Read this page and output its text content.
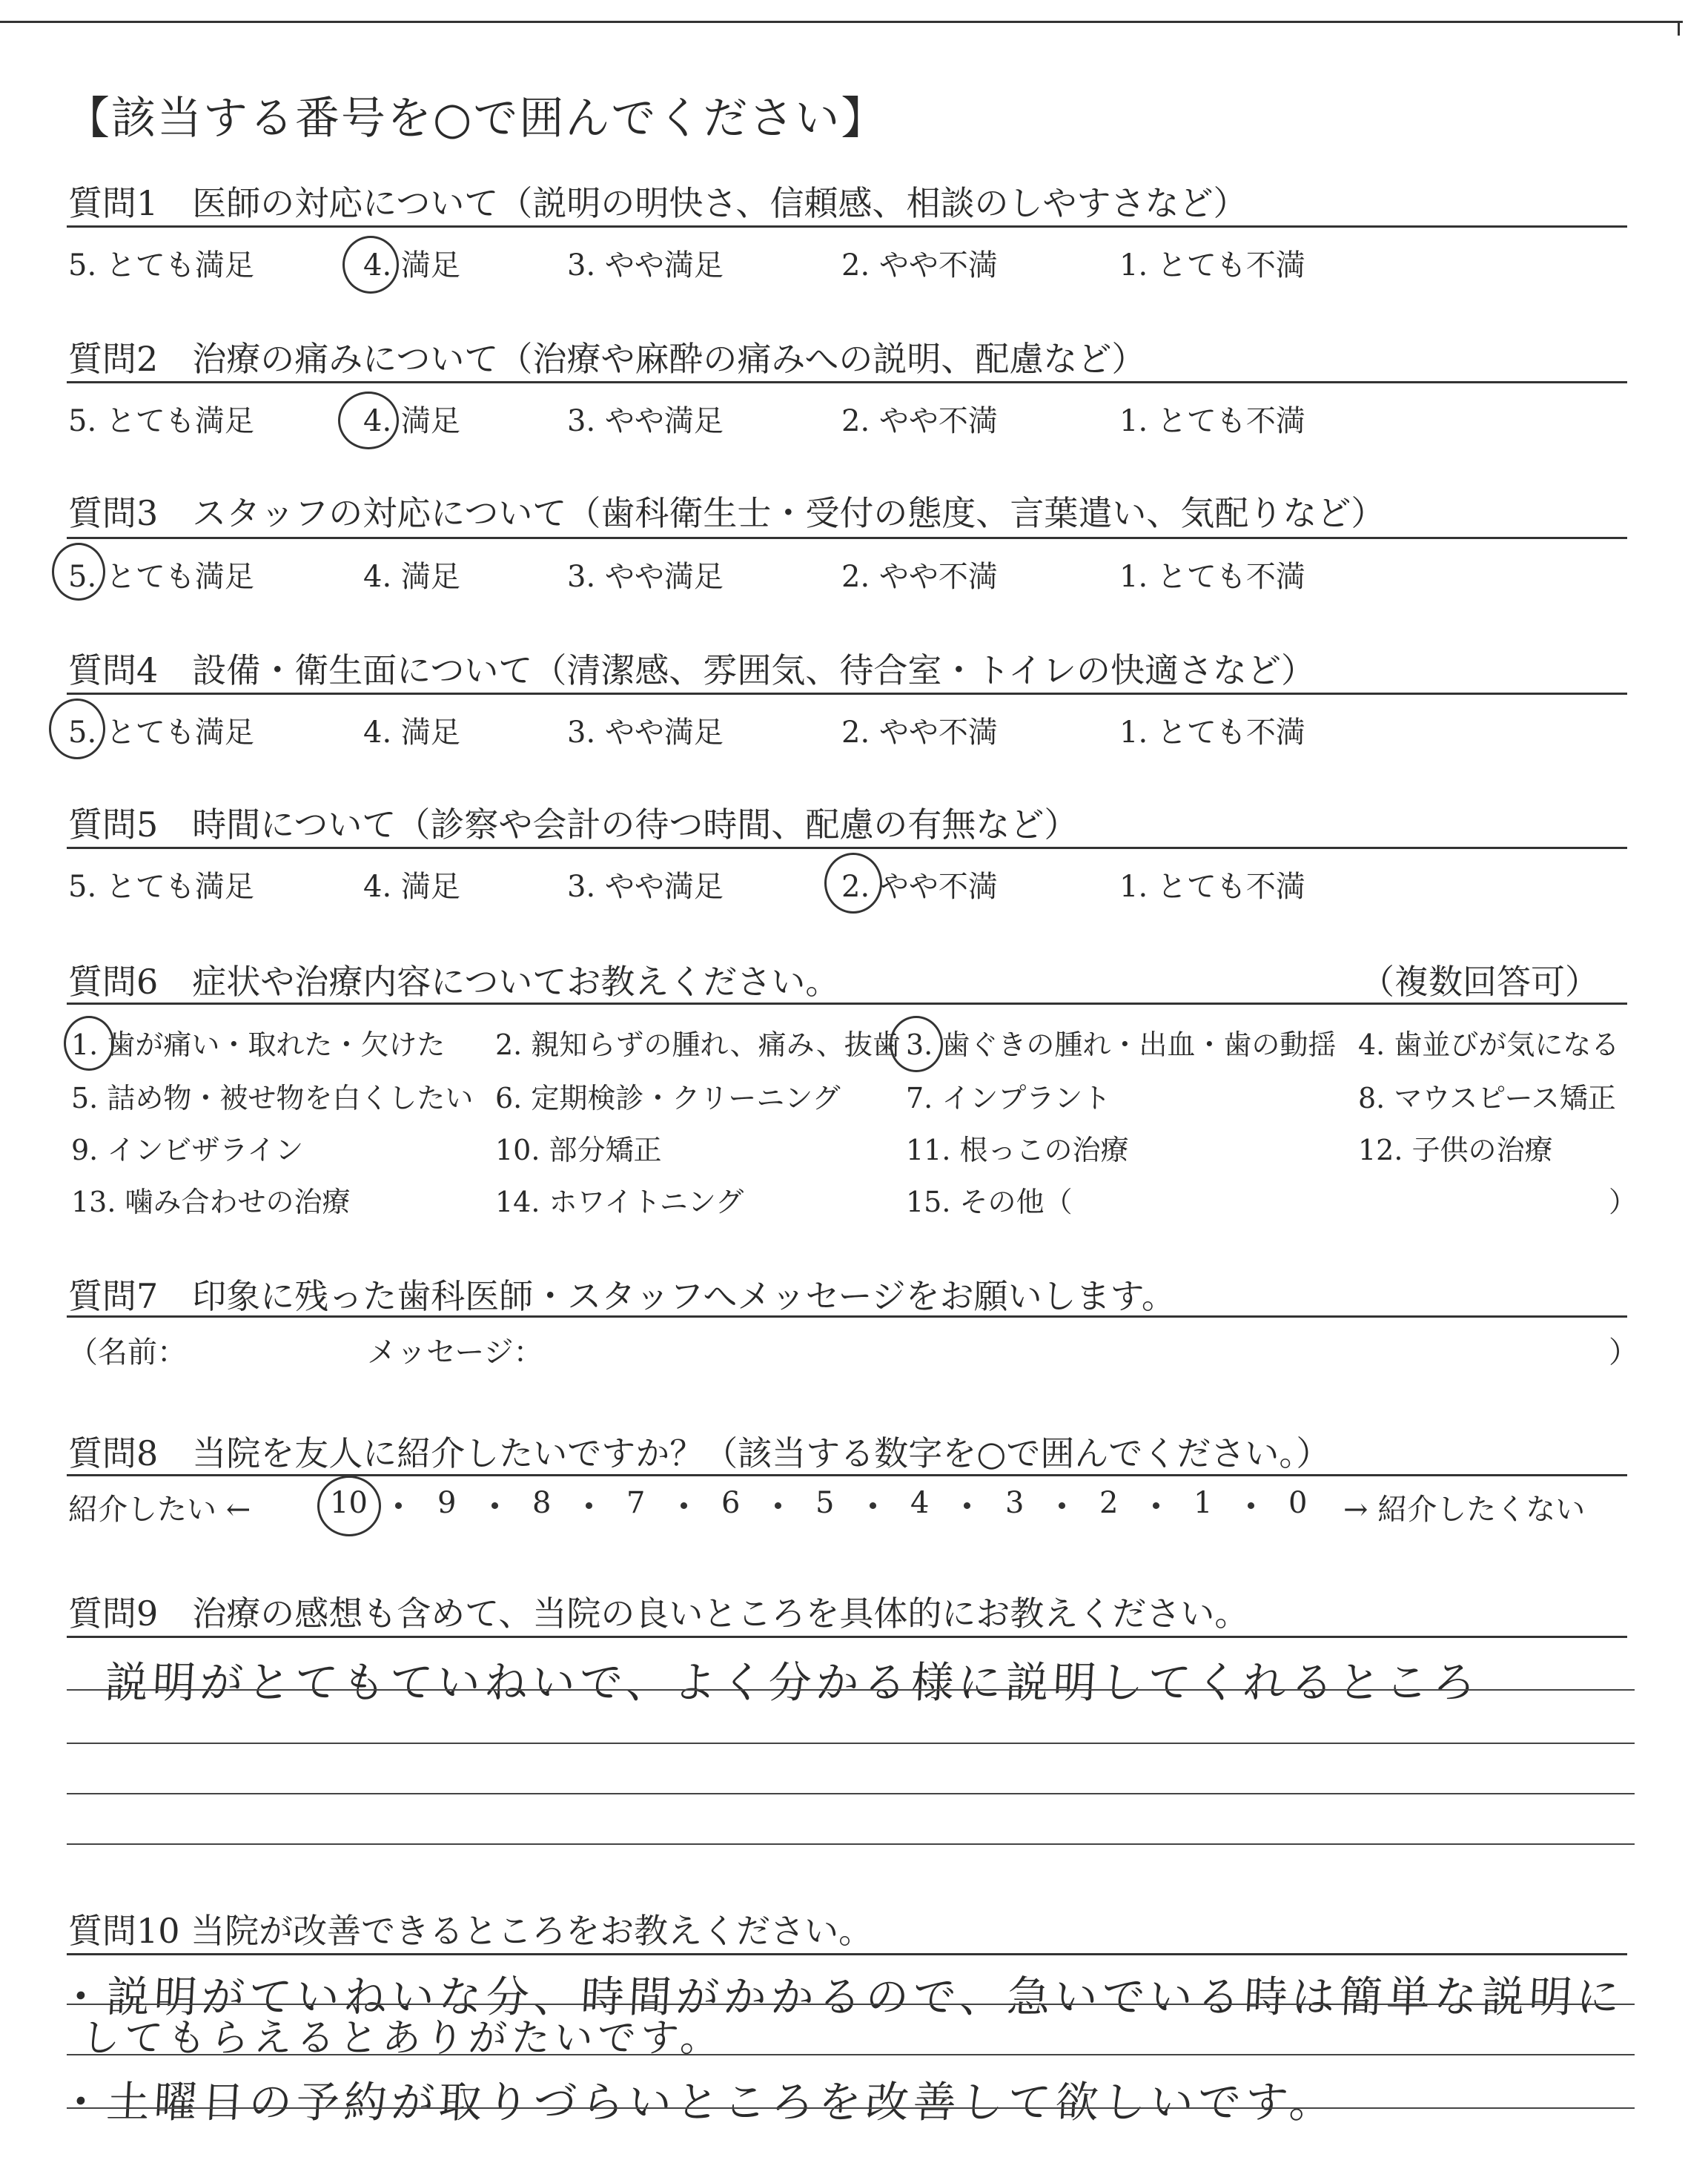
【該当する番号を○で囲んでください】
質問1　医師の対応について（説明の明快さ、信頼感、相談のしやすさなど）
5. とても満足	4. 満足	3. やや満足	2. やや不満	1. とても不満
質問2　治療の痛みについて（治療や麻酔の痛みへの説明、配慮など）
5. とても満足	4. 満足	3. やや満足	2. やや不満	1. とても不満
質問3　スタッフの対応について（歯科衛生士・受付の態度、言葉遣い、気配りなど）
5. とても満足	4. 満足	3. やや満足	2. やや不満	1. とても不満
質問4　設備・衛生面について（清潔感、雰囲気、待合室・トイレの快適さなど）
5. とても満足	4. 満足	3. やや満足	2. やや不満	1. とても不満
質問5　時間について（診察や会計の待つ時間、配慮の有無など）
5. とても満足	4. 満足	3. やや満足	2. やや不満	1. とても不満
質問6　症状や治療内容についてお教えください。	（複数回答可）
1. 歯が痛い・取れた・欠けた 2. 親知らずの腫れ、痛み、抜歯 3. 歯ぐきの腫れ・出血・歯の動揺 4. 歯並びが気になる
5. 詰め物・被せ物を白くしたい 6. 定期検診・クリーニング 7. インプラント	8. マウスピース矯正
9. インビザライン	10. 部分矯正	11. 根っこの治療	12. 子供の治療
13. 噛み合わせの治療	14. ホワイトニング	15. その他（	）
質問7　印象に残った歯科医師・スタッフへメッセージをお願いします。
（名前：	メッセージ：	）
質問8　当院を友人に紹介したいですか？（該当する数字を○で囲んでください。）
紹介したい ←	10 9	8	7	6	5	4	3	2	1	0 → 紹介したくない
質問9　治療の感想も含めて、当院の良いところを具体的にお教えください。
説明がとてもていねいで、よく分かる様に説明してくれるところ
質問10 当院が改善できるところをお教えください。
・説明がていねいな分、時間がかかるので、急いでいる時は簡単な説明に
してもらえるとありがたいです。
・土曜日の予約が取りづらいところを改善して欲しいです。
